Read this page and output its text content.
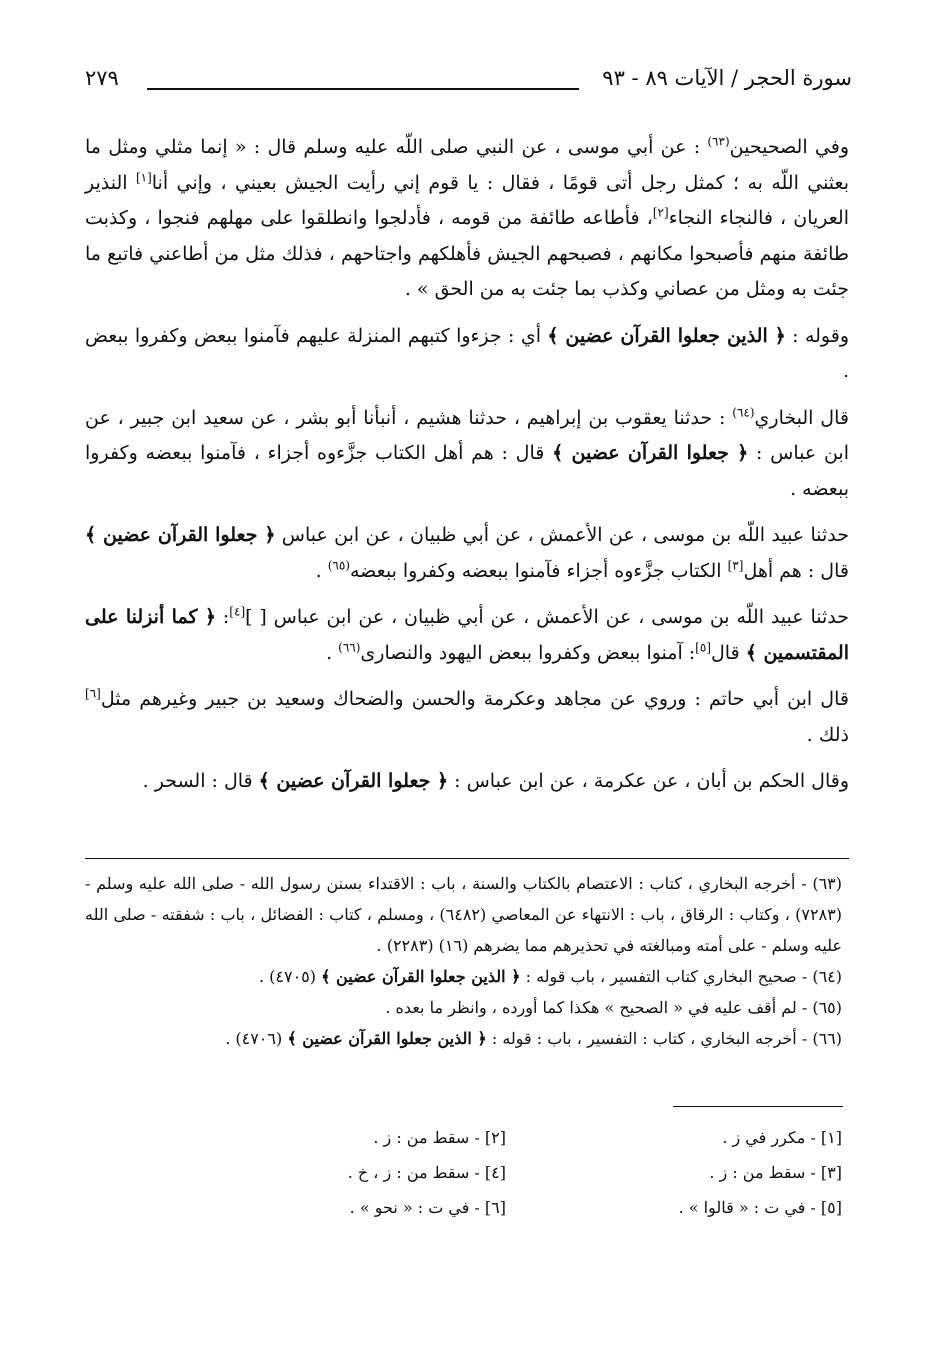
سورة الحجر / الآيات ٨٩ - ٩٣
٢٧٩

وفي الصحيحين$^{(٦٣)}$ : عن أبي موسى ، عن النبي صلى اللّه عليه وسلم قال : « إنما مثلي ومثل ما بعثني اللّه به ؛ كمثل رجل أتى قومًا ، فقال : يا قوم إني رأيت الجيش بعيني ، وإني أنا[١] النذير العريان ، فالنجاء النجاء[٢]، فأطاعه طائفة من قومه ، فأدلجوا وانطلقوا على مهلهم فنجوا ، وكذبت طائفة منهم فأصبحوا مكانهم ، فصبحهم الجيش فأهلكهم واجتاحهم ، فذلك مثل من أطاعني فاتبع ما جئت به ومثل من عصاني وكذب بما جئت به من الحق » .

وقوله : ﴿ الذين جعلوا القرآن عضين ﴾ أي : جزءوا كتبهم المنزلة عليهم فآمنوا ببعض وكفروا ببعض .

قال البخاري$^{(٦٤)}$ : حدثنا يعقوب بن إبراهيم ، حدثنا هشيم ، أنبأنا أبو بشر ، عن سعيد ابن جبير ، عن ابن عباس : ﴿ جعلوا القرآن عضين ﴾ قال : هم أهل الكتاب جزَّءوه أجزاء ، فآمنوا ببعضه وكفروا ببعضه .

حدثنا عبيد اللّه بن موسى ، عن الأعمش ، عن أبي ظبيان ، عن ابن عباس ﴿ جعلوا القرآن عضين ﴾ قال : هم أهل[٣] الكتاب جزَّءوه أجزاء فآمنوا ببعضه وكفروا ببعضه$^{(٦٥)}$ .

حدثنا عبيد اللّه بن موسى ، عن الأعمش ، عن أبي ظبيان ، عن ابن عباس [ ][٤]: ﴿ كما أنزلنا على المقتسمين ﴾ قال[٥]: آمنوا ببعض وكفروا ببعض اليهود والنصارى$^{(٦٦)}$ .

قال ابن أبي حاتم : وروي عن مجاهد وعكرمة والحسن والضحاك وسعيد بن جبير وغيرهم مثل[٦] ذلك .

وقال الحكم بن أبان ، عن عكرمة ، عن ابن عباس : ﴿ جعلوا القرآن عضين ﴾ قال : السحر .

(٦٣) - أخرجه البخاري ، كتاب : الاعتصام بالكتاب والسنة ، باب : الاقتداء بسنن رسول الله - صلى الله عليه وسلم - (٧٢٨٣) ، وكتاب : الرقاق ، باب : الانتهاء عن المعاصي (٦٤٨٢) ، ومسلم ، كتاب : الفضائل ، باب : شفقته - صلى الله عليه وسلم - على أمته ومبالغته في تحذيرهم مما يضرهم (١٦) (٢٢٨٣) .

(٦٤) - صحيح البخاري كتاب التفسير ، باب قوله : ﴿ الذين جعلوا القرآن عضين ﴾ (٤٧٠٥) .

(٦٥) - لم أقف عليه في « الصحيح » هكذا كما أورده ، وانظر ما بعده .

(٦٦) - أخرجه البخاري ، كتاب : التفسير ، باب : قوله : ﴿ الذين جعلوا القرآن عضين ﴾ (٤٧٠٦) .

[١] - مكرر في ز .
[٢] - سقط من : ز .
[٣] - سقط من : ز .
[٤] - سقط من : ز ، خ .
[٥] - في ت : « قالوا » .
[٦] - في ت : « نحو » .
